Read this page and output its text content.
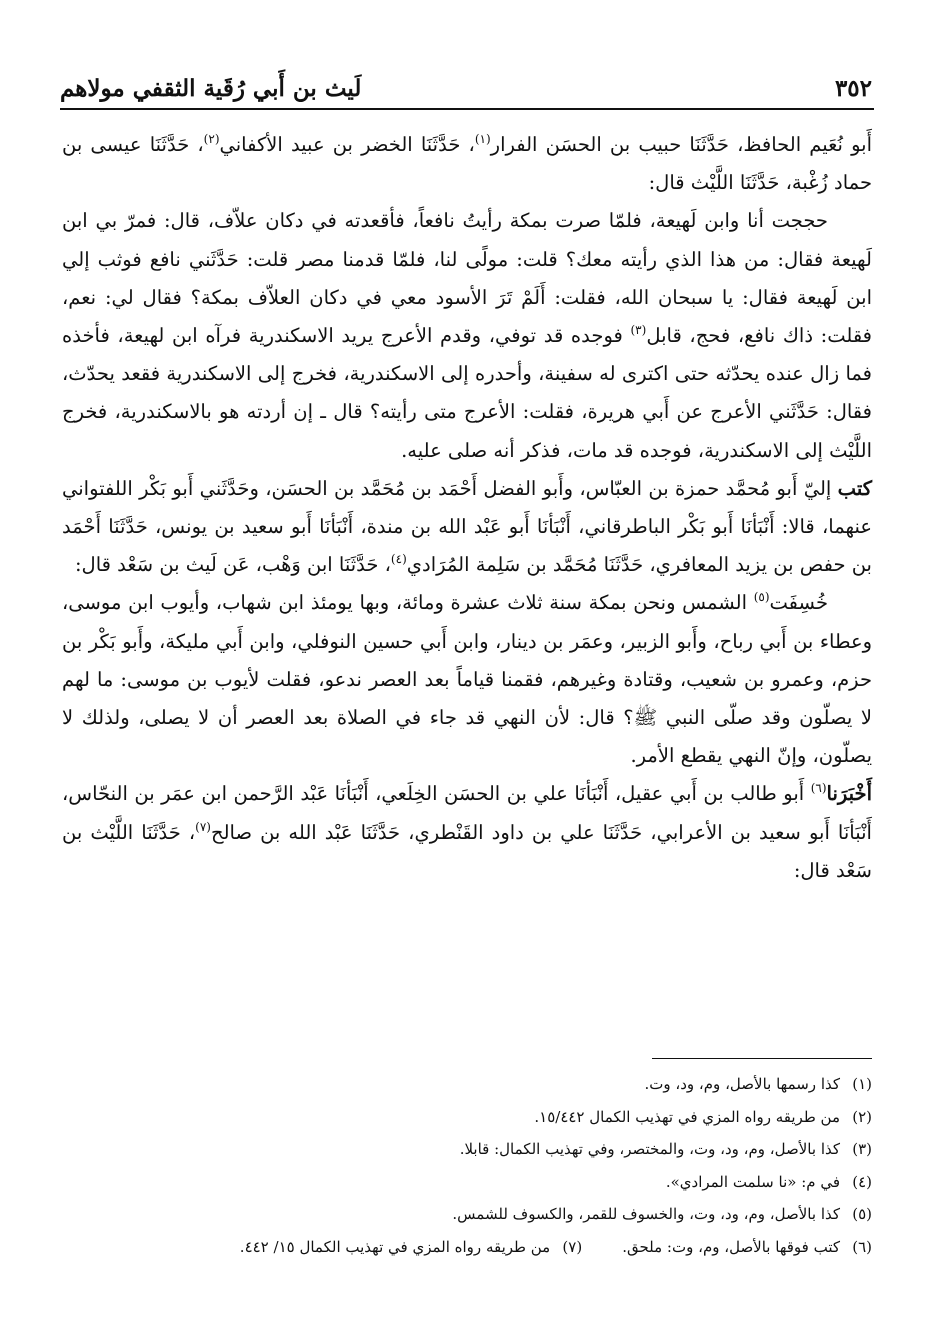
٣٥٢
لَيث بن أَبي رُقَية الثقفي مولاهم

أَبو نُعَيم الحافظ، حَدَّثَنَا حبيب بن الحسَن الفرار$^{(١)}$، حَدَّثَنَا الخضر بن عبيد الأكفاني$^{(٢)}$، حَدَّثَنَا عيسى بن حماد زُغْبة، حَدَّثَنَا اللَّيْث قال:

حججت أنا وابن لَهيعة، فلمّا صرت بمكة رأيتُ نافعاً، فأقعدته في دكان علاّف، قال: فمرّ بي ابن لَهيعة فقال: من هذا الذي رأيته معك؟ قلت: مولًى لنا، فلمّا قدمنا مصر قلت: حَدَّثَني نافع فوثب إلي ابن لَهيعة فقال: يا سبحان الله، فقلت: أَلَمْ تَرَ الأسود معي في دكان العلاّف بمكة؟ فقال لي: نعم، فقلت: ذاك نافع، فحج، قابل$^{(٣)}$ فوجده قد توفي، وقدم الأعرج يريد الاسكندرية فرآه ابن لهيعة، فأخذه فما زال عنده يحدّثه حتى اكترى له سفينة، وأحدره إلى الاسكندرية، فخرج إلى الاسكندرية فقعد يحدّث، فقال: حَدَّثَني الأعرج عن أَبي هريرة، فقلت: الأعرج متى رأيته؟ قال ـ إن أردته هو بالاسكندرية، فخرج اللَّيْث إلى الاسكندرية، فوجده قد مات، فذكر أنه صلى عليه.

كتب إليّ أَبو مُحمَّد حمزة بن العبّاس، وأَبو الفضل أَحْمَد بن مُحَمَّد بن الحسَن، وحَدَّثَني أَبو بَكْر اللفتواني عنهما، قالا: أَنْبَأنَا أَبو بَكْر الباطرقاني، أَنْبَأنَا أَبو عَبْد الله بن مندة، أَنْبَأنَا أَبو سعيد بن يونس، حَدَّثَنَا أَحْمَد بن حفص بن يزيد المعافري، حَدَّثَنَا مُحَمَّد بن سَلِمة المُرَادي$^{(٤)}$، حَدَّثَنَا ابن وَهْب، عَن لَيث بن سَعْد قال:

خُسِفَت$^{(٥)}$ الشمس ونحن بمكة سنة ثلاث عشرة ومائة، وبها يومئذ ابن شهاب، وأيوب ابن موسى، وعطاء بن أَبي رباح، وأَبو الزبير، وعمَر بن دينار، وابن أَبي حسين النوفلي، وابن أَبي مليكة، وأَبو بَكْر بن حزم، وعمرو بن شعيب، وقتادة وغيرهم، فقمنا قياماً بعد العصر ندعو، فقلت لأيوب بن موسى: ما لهم لا يصلّون وقد صلّى النبي ﷺ؟ قال: لأن النهي قد جاء في الصلاة بعد العصر أن لا يصلى، ولذلك لا يصلّون، وإنّ النهي يقطع الأمر.

أَخْبَرَنا$^{(٦)}$ أَبو طالب بن أَبي عقيل، أَنْبَأنَا علي بن الحسَن الخِلَعي، أَنْبَأنَا عَبْد الرَّحمن ابن عمَر بن النحّاس، أَنْبَأنَا أَبو سعيد بن الأعرابي، حَدَّثَنَا علي بن داود القَنْطري، حَدَّثَنَا عَبْد الله بن صالح$^{(٧)}$، حَدَّثَنَا اللَّيْث بن سَعْد قال:

(١)كذا رسمها بالأصل، وم، ود، وت.
(٢)من طريقه رواه المزي في تهذيب الكمال ١٥/٤٤٢.
(٣)كذا بالأصل، وم، ود، وت، والمختصر، وفي تهذيب الكمال: قابلا.
(٤)في م: «نا سلمت المرادي».
(٥)كذا بالأصل، وم، ود، وت، والخسوف للقمر، والكسوف للشمس.
(٦)كتب فوقها بالأصل، وم، وت: ملحق.
(٧)من طريقه رواه المزي في تهذيب الكمال ١٥/ ٤٤٢.
